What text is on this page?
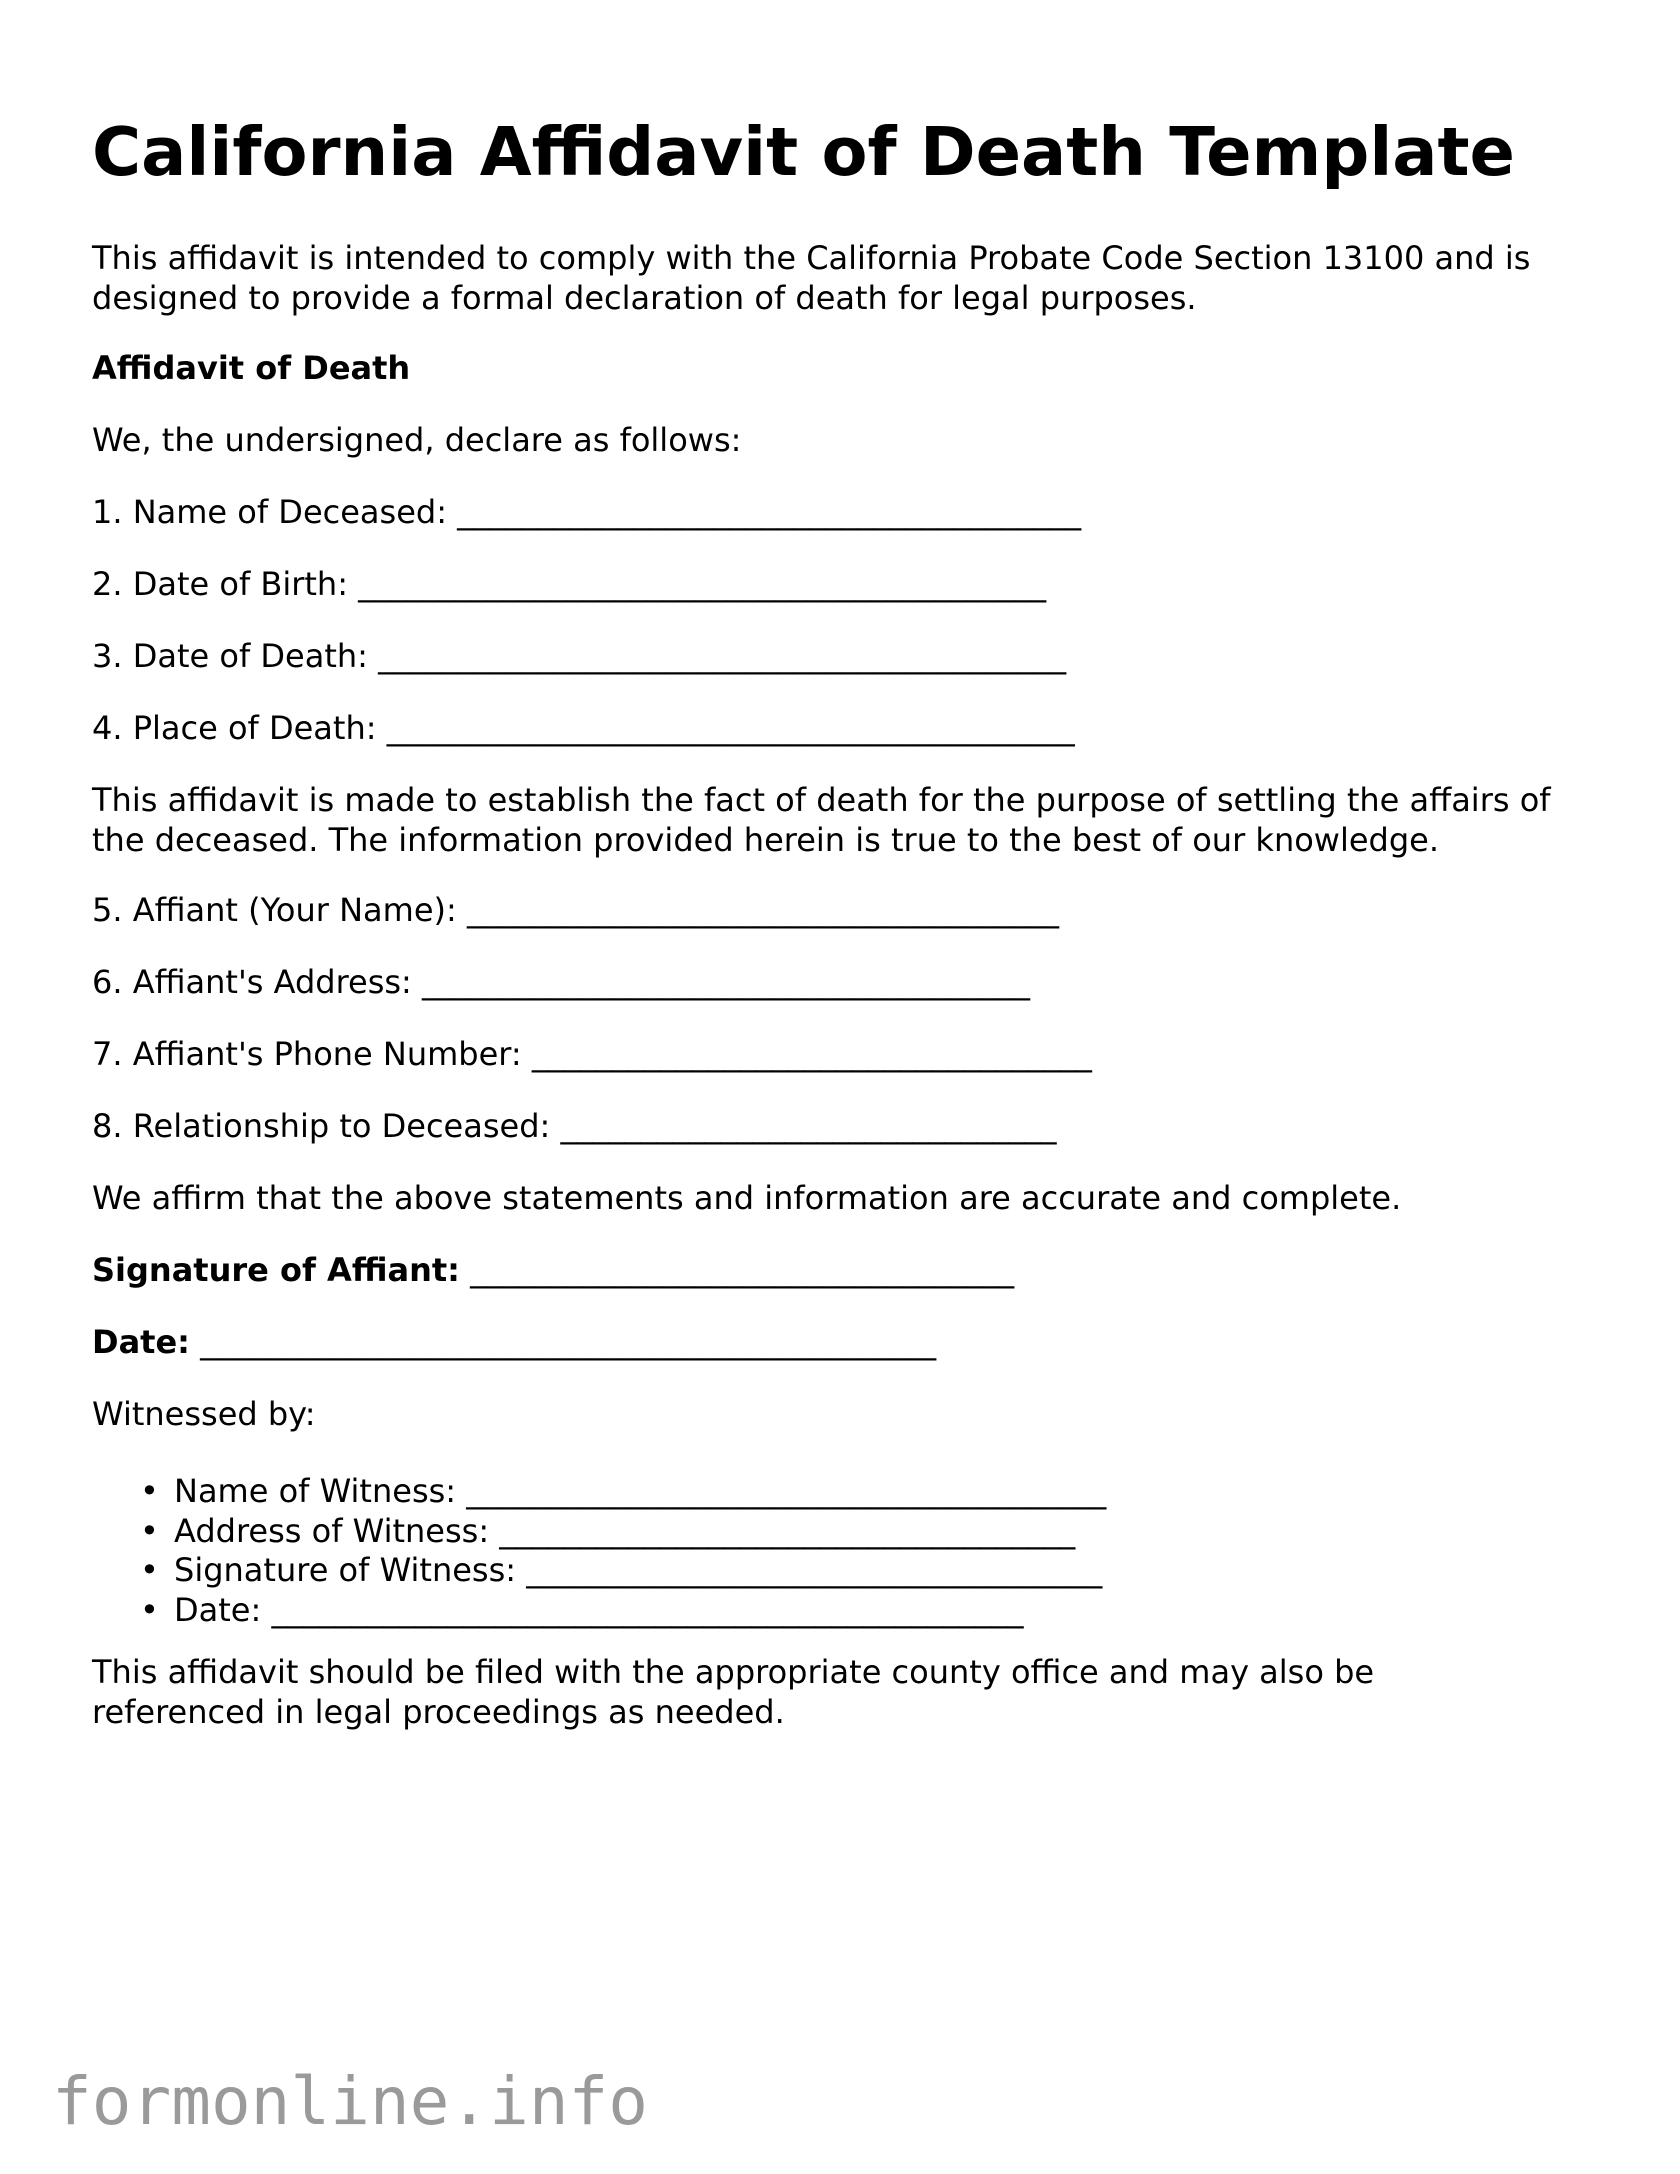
California Affidavit of Death Template

This affidavit is intended to comply with the California Probate Code Section 13100 and is
designed to provide a formal declaration of death for legal purposes.

Affidavit of Death

We, the undersigned, declare as follows:

1. Name of Deceased: _______________________________________

2. Date of Birth: ___________________________________________

3. Date of Death: ___________________________________________

4. Place of Death: ___________________________________________

This affidavit is made to establish the fact of death for the purpose of settling the affairs of
the deceased. The information provided herein is true to the best of our knowledge.

5. Affiant (Your Name): _____________________________________

6. Affiant's Address: ______________________________________

7. Affiant's Phone Number: ___________________________________

8. Relationship to Deceased: _______________________________

We affirm that the above statements and information are accurate and complete.

Signature of Affiant: __________________________________

Date: ______________________________________________

Witnessed by:

• Name of Witness: ________________________________________
• Address of Witness: ____________________________________
• Signature of Witness: ____________________________________
• Date: _______________________________________________

This affidavit should be filed with the appropriate county office and may also be
referenced in legal proceedings as needed.

formonline.info
